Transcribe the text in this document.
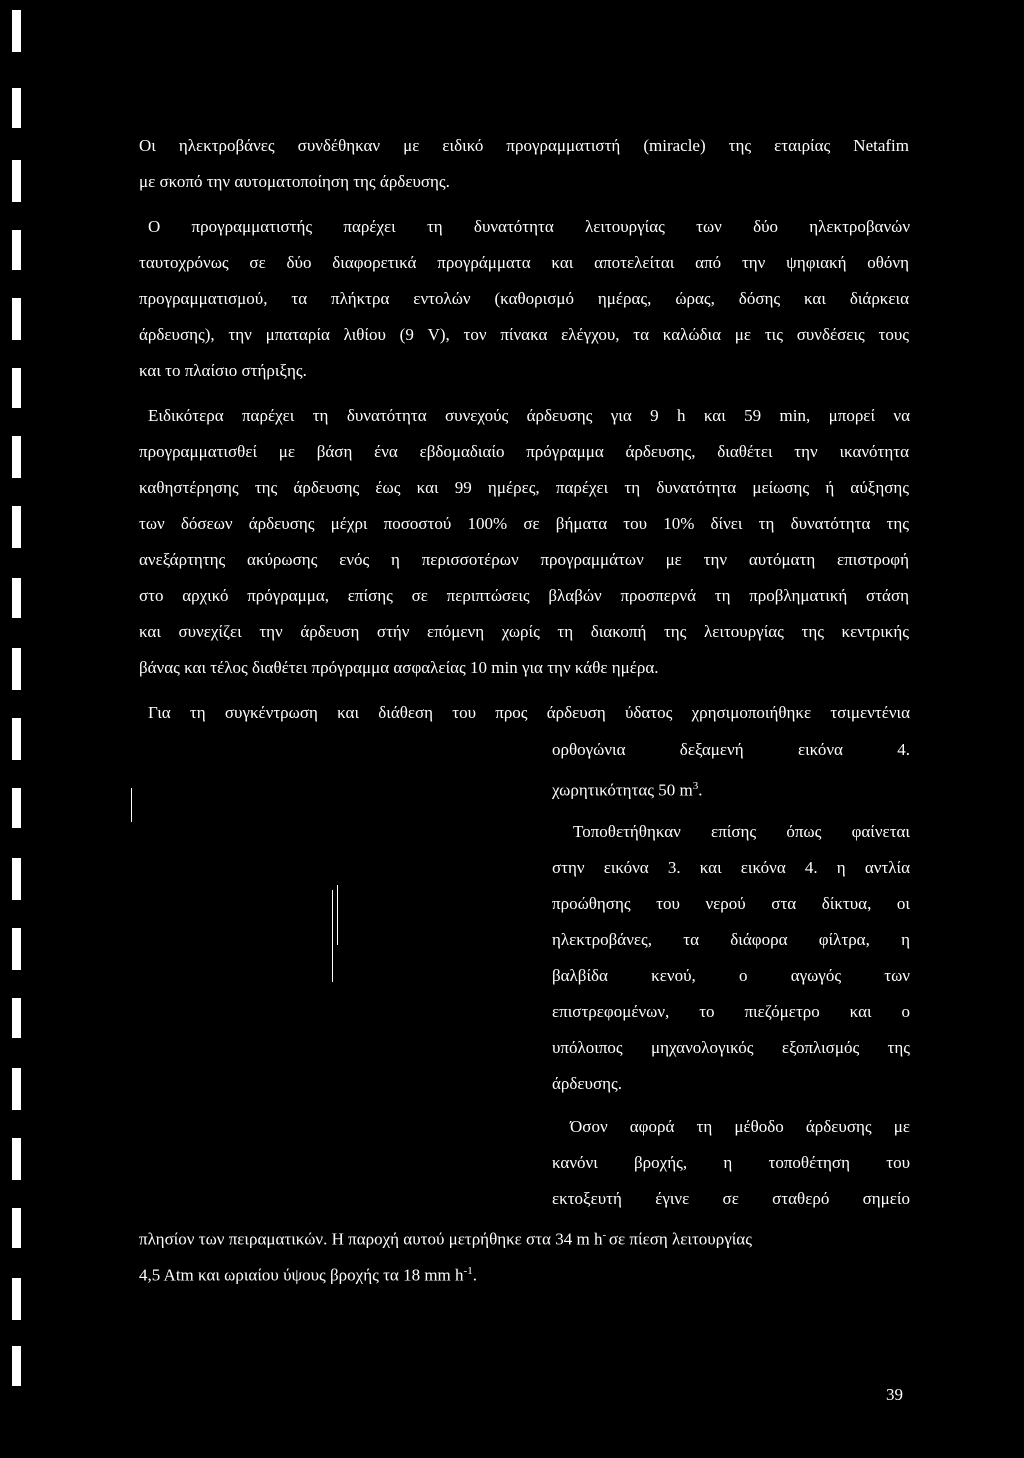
Οι ηλεκτροβάνες συνδέθηκαν με ειδικό προγραμματιστή (miracle) της εταιρίας Netafim
με σκοπό την αυτοματοποίηση της άρδευσης.
Ο προγραμματιστής παρέχει τη δυνατότητα λειτουργίας των δύο ηλεκτροβανών
ταυτοχρόνως σε δύο διαφορετικά προγράμματα και αποτελείται από την ψηφιακή οθόνη
προγραμματισμού, τα πλήκτρα εντολών (καθορισμό ημέρας, ώρας, δόσης και διάρκεια
άρδευσης), την μπαταρία λιθίου (9 V), τον πίνακα ελέγχου, τα καλώδια με τις συνδέσεις τους
και το πλαίσιο στήριξης.
Ειδικότερα παρέχει τη δυνατότητα συνεχούς άρδευσης για 9 h και 59 min, μπορεί να
προγραμματισθεί με βάση ένα εβδομαδιαίο πρόγραμμα άρδευσης, διαθέτει την ικανότητα
καθηστέρησης της άρδευσης έως και 99 ημέρες, παρέχει τη δυνατότητα μείωσης ή αύξησης
των δόσεων άρδευσης μέχρι ποσοστού 100% σε βήματα του 10% δίνει τη δυνατότητα της
ανεξάρτητης ακύρωσης ενός η περισσοτέρων προγραμμάτων με την αυτόματη επιστροφή
στο αρχικό πρόγραμμα, επίσης σε περιπτώσεις βλαβών προσπερνά τη προβληματική στάση
και συνεχίζει την άρδευση στήν επόμενη χωρίς τη διακοπή της λειτουργίας της κεντρικής
βάνας και τέλος διαθέτει πρόγραμμα ασφαλείας 10 min για την κάθε ημέρα.
Για τη συγκέντρωση και διάθεση του προς άρδευση ύδατος χρησιμοποιήθηκε τσιμεντένια
ορθογώνια δεξαμενή εικόνα 4.
χωρητικότητας 50 $m^3$.
Τοποθετήθηκαν επίσης όπως φαίνεται
στην εικόνα 3. και εικόνα 4. η αντλία
προώθησης του νερού στα δίκτυα, οι
ηλεκτροβάνες, τα διάφορα φίλτρα, η
βαλβίδα κενού, ο αγωγός των
επιστρεφομένων, το πιεζόμετρο και ο
υπόλοιπος μηχανολογικός εξοπλισμός της
άρδευσης.
Όσον αφορά τη μέθοδο άρδευσης με
κανόνι βροχής, η τοποθέτηση του
εκτοξευτή έγινε σε σταθερό σημείο
πλησίον των πειραματικών. Η παροχή αυτού μετρήθηκε στα 34 m h- σε πίεση λειτουργίας
4,5 Atm και ωριαίου ύψους βροχής τα 18 mm $h^{-1}$.
39
